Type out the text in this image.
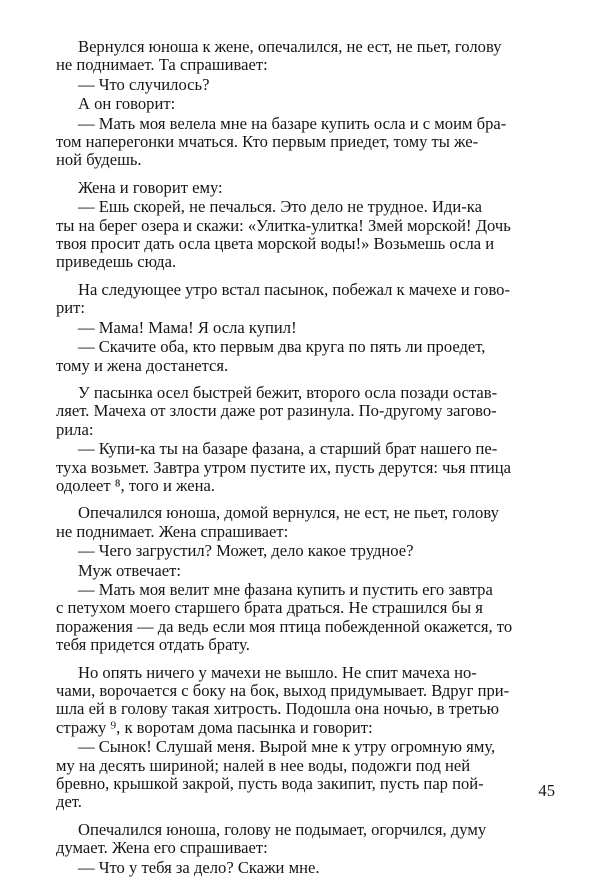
Вернулся юноша к жене, опечалился, не ест, не пьет, голову
не поднимает. Та спрашивает:

— Что случилось?

А он говорит:

— Мать моя велела мне на базаре купить осла и с моим бра-
том наперегонки мчаться. Кто первым приедет, тому ты же-
ной будешь.

Жена и говорит ему:

— Ешь скорей, не печалься. Это дело не трудное. Иди-ка
ты на берег озера и скажи: «Улитка-улитка! Змей морской! Дочь
твоя просит дать осла цвета морской воды!» Возьмешь осла и
приведешь сюда.

На следующее утро встал пасынок, побежал к мачехе и гово-
рит:

— Мама! Мама! Я осла купил!

— Скачите оба, кто первым два круга по пять ли проедет,
тому и жена достанется.

У пасынка осел быстрей бежит, второго осла позади остав-
ляет. Мачеха от злости даже рот разинула. По-другому загово-
рила:

— Купи-ка ты на базаре фазана, а старший брат нашего пе-
туха возьмет. Завтра утром пустите их, пусть дерутся: чья птица
одолеет ⁸, того и жена.

Опечалился юноша, домой вернулся, не ест, не пьет, голову
не поднимает. Жена спрашивает:

— Чего загрустил? Может, дело какое трудное?

Муж отвечает:

— Мать моя велит мне фазана купить и пустить его завтра
с петухом моего старшего брата драться. Не страшился бы я
поражения — да ведь если моя птица побежденной окажется, то
тебя придется отдать брату.

Но опять ничего у мачехи не вышло. Не спит мачеха но-
чами, ворочается с боку на бок, выход придумывает. Вдруг при-
шла ей в голову такая хитрость. Подошла она ночью, в третью
стражу ⁹, к воротам дома пасынка и говорит:

— Сынок! Слушай меня. Вырой мне к утру огромную яму,
му на десять шириной; налей в нее воды, подожги под ней
бревно, крышкой закрой, пусть вода закипит, пусть пар пой-
дет.

Опечалился юноша, голову не подымает, огорчился, думу
думает. Жена его спрашивает:

— Что у тебя за дело? Скажи мне.

45
